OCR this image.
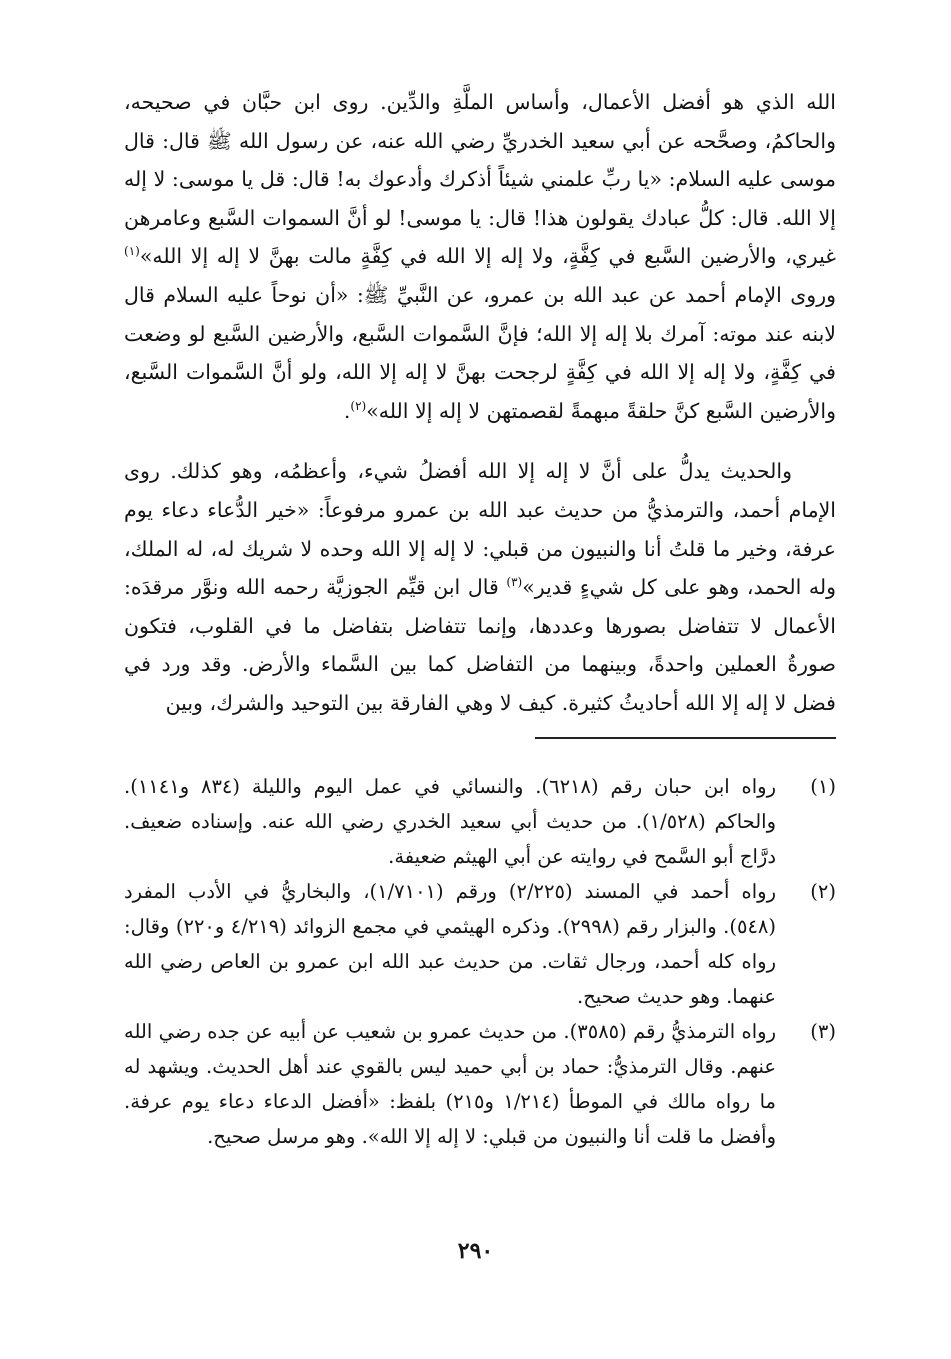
الله الذي هو أفضل الأعمال، وأساس الملَّةِ والدِّين. روى ابن حبَّان في صحيحه، والحاكمُ، وصحَّحه عن أبي سعيد الخدريِّ رضي الله عنه، عن رسول الله ﷺ قال: قال موسى عليه السلام: «يا ربِّ علمني شيئاً أذكرك وأدعوك به! قال: قل يا موسى: لا إله إلا الله. قال: كلُّ عبادك يقولون هذا! قال: يا موسى! لو أنَّ السموات السَّبع وعامرهن غيري، والأرضين السَّبع في كِفَّةٍ، ولا إله إلا الله في كِفَّةٍ مالت بهنَّ لا إله إلا الله»$^{(١)}$ وروى الإمام أحمد عن عبد الله بن عمرو، عن النَّبيِّ ﷺ: «أن نوحاً عليه السلام قال لابنه عند موته: آمرك بلا إله إلا الله؛ فإنَّ السَّموات السَّبع، والأرضين السَّبع لو وضعت في كِفَّةٍ، ولا إله إلا الله في كِفَّةٍ لرجحت بهنَّ لا إله إلا الله، ولو أنَّ السَّموات السَّبع، والأرضين السَّبع كنَّ حلقةً مبهمةً لقصمتهن لا إله إلا الله»$^{(٢)}$.

والحديث يدلُّ على أنَّ لا إله إلا الله أفضلُ شيء، وأعظمُه، وهو كذلك. روى الإمام أحمد، والترمذيُّ من حديث عبد الله بن عمرو مرفوعاً: «خير الدُّعاء دعاء يوم عرفة، وخير ما قلتُ أنا والنبيون من قبلي: لا إله إلا الله وحده لا شريك له، له الملك، وله الحمد، وهو على كل شيءٍ قدير»$^{(٣)}$ قال ابن قيِّم الجوزيَّة رحمه الله ونوَّر مرقدَه: الأعمال لا تتفاضل بصورها وعددها، وإنما تتفاضل بتفاضل ما في القلوب، فتكون صورةُ العملين واحدةً، وبينهما من التفاضل كما بين السَّماء والأرض. وقد ورد في فضل لا إله إلا الله أحاديثُ كثيرة. كيف لا وهي الفارقة بين التوحيد والشرك، وبين

(١)
رواه ابن حبان رقم (٦٢١٨). والنسائي في عمل اليوم والليلة (٨٣٤ و١١٤١). والحاكم (١/٥٢٨). من حديث أبي سعيد الخدري رضي الله عنه. وإسناده ضعيف. درَّاج أبو السَّمح في روايته عن أبي الهيثم ضعيفة.
(٢)
رواه أحمد في المسند (٢/٢٢٥) ورقم (١/٧١٠١)، والبخاريُّ في الأدب المفرد (٥٤٨). والبزار رقم (٢٩٩٨). وذكره الهيثمي في مجمع الزوائد (٤/٢١٩ و٢٢٠) وقال: رواه كله أحمد، ورجال ثقات. من حديث عبد الله ابن عمرو بن العاص رضي الله عنهما. وهو حديث صحيح.
(٣)
رواه الترمذيُّ رقم (٣٥٨٥). من حديث عمرو بن شعيب عن أبيه عن جده رضي الله عنهم. وقال الترمذيُّ: حماد بن أبي حميد ليس بالقوي عند أهل الحديث. ويشهد له ما رواه مالك في الموطأ (١/٢١٤ و٢١٥) بلفظ: «أفضل الدعاء دعاء يوم عرفة. وأفضل ما قلت أنا والنبيون من قبلي: لا إله إلا الله». وهو مرسل صحيح.
٢٩٠
